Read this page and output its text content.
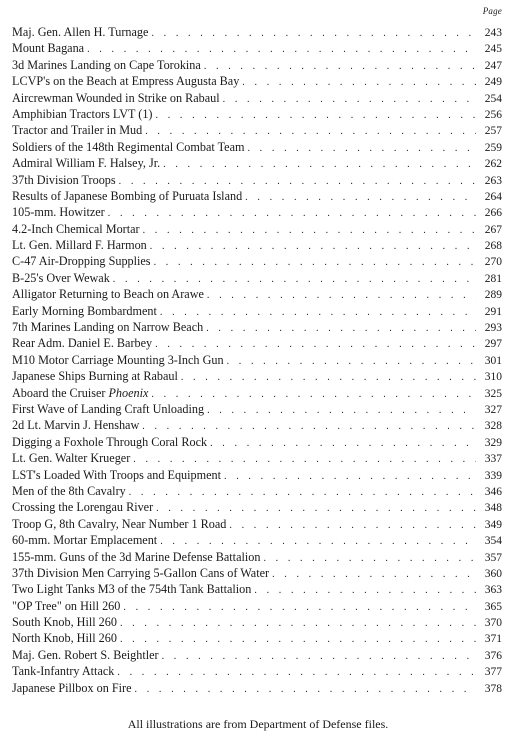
Page
Maj. Gen. Allen H. Turnage . . .	243
Mount Bagana . . .	245
3d Marines Landing on Cape Torokina . . .	247
LCVP's on the Beach at Empress Augusta Bay . . .	249
Aircrewman Wounded in Strike on Rabaul . . .	254
Amphibian Tractors LVT (1) . . .	256
Tractor and Trailer in Mud . . .	257
Soldiers of the 148th Regimental Combat Team . . .	259
Admiral William F. Halsey, Jr. . . .	262
37th Division Troops . . .	263
Results of Japanese Bombing of Puruata Island . . .	264
105-mm. Howitzer . . .	266
4.2-Inch Chemical Mortar . . .	267
Lt. Gen. Millard F. Harmon . . .	268
C-47 Air-Dropping Supplies . . .	270
B-25's Over Wewak . . .	281
Alligator Returning to Beach on Arawe . . .	289
Early Morning Bombardment . . .	291
7th Marines Landing on Narrow Beach . . .	293
Rear Adm. Daniel E. Barbey . . .	297
M10 Motor Carriage Mounting 3-Inch Gun . . .	301
Japanese Ships Burning at Rabaul . . .	310
Aboard the Cruiser Phoenix . . .	325
First Wave of Landing Craft Unloading . . .	327
2d Lt. Marvin J. Henshaw . . .	328
Digging a Foxhole Through Coral Rock . . .	329
Lt. Gen. Walter Krueger . . .	337
LST's Loaded With Troops and Equipment . . .	339
Men of the 8th Cavalry . . .	346
Crossing the Lorengau River . . .	348
Troop G, 8th Cavalry, Near Number 1 Road . . .	349
60-mm. Mortar Emplacement . . .	354
155-mm. Guns of the 3d Marine Defense Battalion . . .	357
37th Division Men Carrying 5-Gallon Cans of Water . . .	360
Two Light Tanks M3 of the 754th Tank Battalion . . .	363
"OP Tree" on Hill 260 . . .	365
South Knob, Hill 260 . . .	370
North Knob, Hill 260 . . .	371
Maj. Gen. Robert S. Beightler . . .	376
Tank-Infantry Attack . . .	377
Japanese Pillbox on Fire . . .	378
All illustrations are from Department of Defense files.
